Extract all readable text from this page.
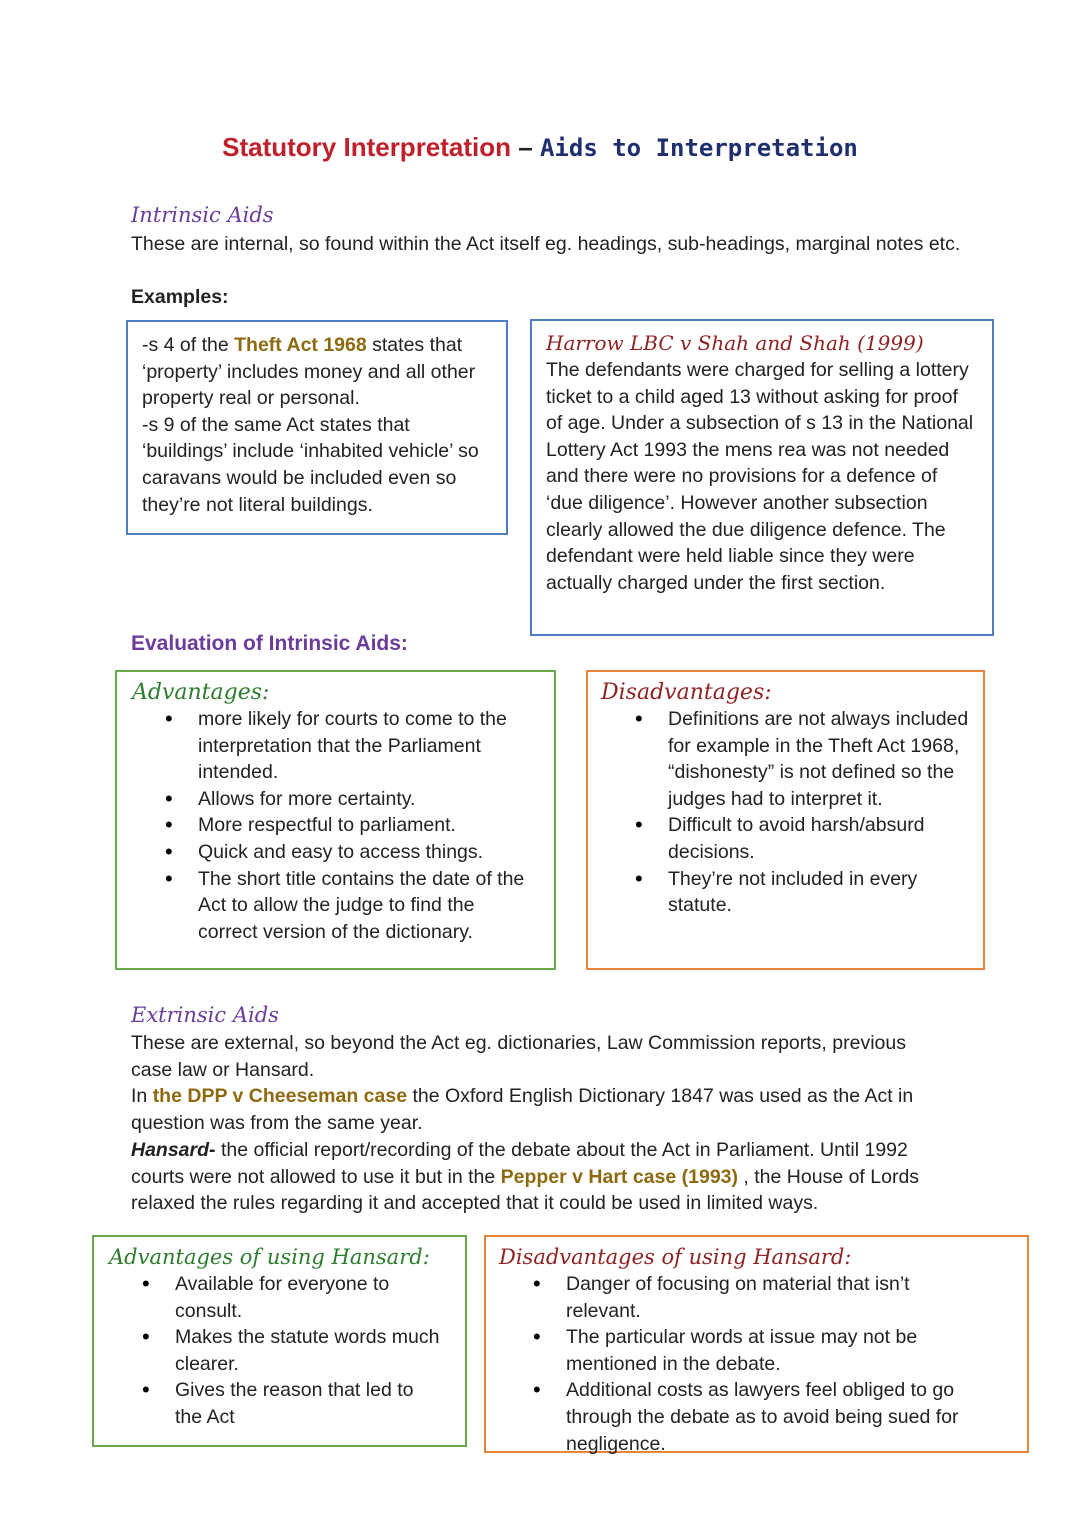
Statutory Interpretation – Aids to Interpretation
Intrinsic Aids
These are internal, so found within the Act itself eg. headings, sub-headings, marginal notes etc.
Examples:
-s 4 of the Theft Act 1968 states that ‘property’ includes money and all other property real or personal.
-s 9 of the same Act states that ‘buildings’ include ‘inhabited vehicle’ so caravans would be included even so they’re not literal buildings.
Harrow LBC v Shah and Shah (1999)
The defendants were charged for selling a lottery ticket to a child aged 13 without asking for proof of age. Under a subsection of s 13 in the National Lottery Act 1993 the mens rea was not needed and there were no provisions for a defence of ‘due diligence’. However another subsection clearly allowed the due diligence defence. The defendant were held liable since they were actually charged under the first section.
Evaluation of Intrinsic Aids:
Advantages:
• more likely for courts to come to the interpretation that the Parliament intended.
• Allows for more certainty.
• More respectful to parliament.
• Quick and easy to access things.
• The short title contains the date of the Act to allow the judge to find the correct version of the dictionary.
Disadvantages:
• Definitions are not always included for example in the Theft Act 1968, “dishonesty” is not defined so the judges had to interpret it.
• Difficult to avoid harsh/absurd decisions.
• They’re not included in every statute.
Extrinsic Aids
These are external, so beyond the Act eg. dictionaries, Law Commission reports, previous case law or Hansard.
In the DPP v Cheeseman case the Oxford English Dictionary 1847 was used as the Act in question was from the same year.
Hansard- the official report/recording of the debate about the Act in Parliament. Until 1992 courts were not allowed to use it but in the Pepper v Hart case (1993) , the House of Lords relaxed the rules regarding it and accepted that it could be used in limited ways.
Advantages of using Hansard:
• Available for everyone to consult.
• Makes the statute words much clearer.
• Gives the reason that led to the Act
Disadvantages of using Hansard:
• Danger of focusing on material that isn’t relevant.
• The particular words at issue may not be mentioned in the debate.
• Additional costs as lawyers feel obliged to go through the debate as to avoid being sued for negligence.
